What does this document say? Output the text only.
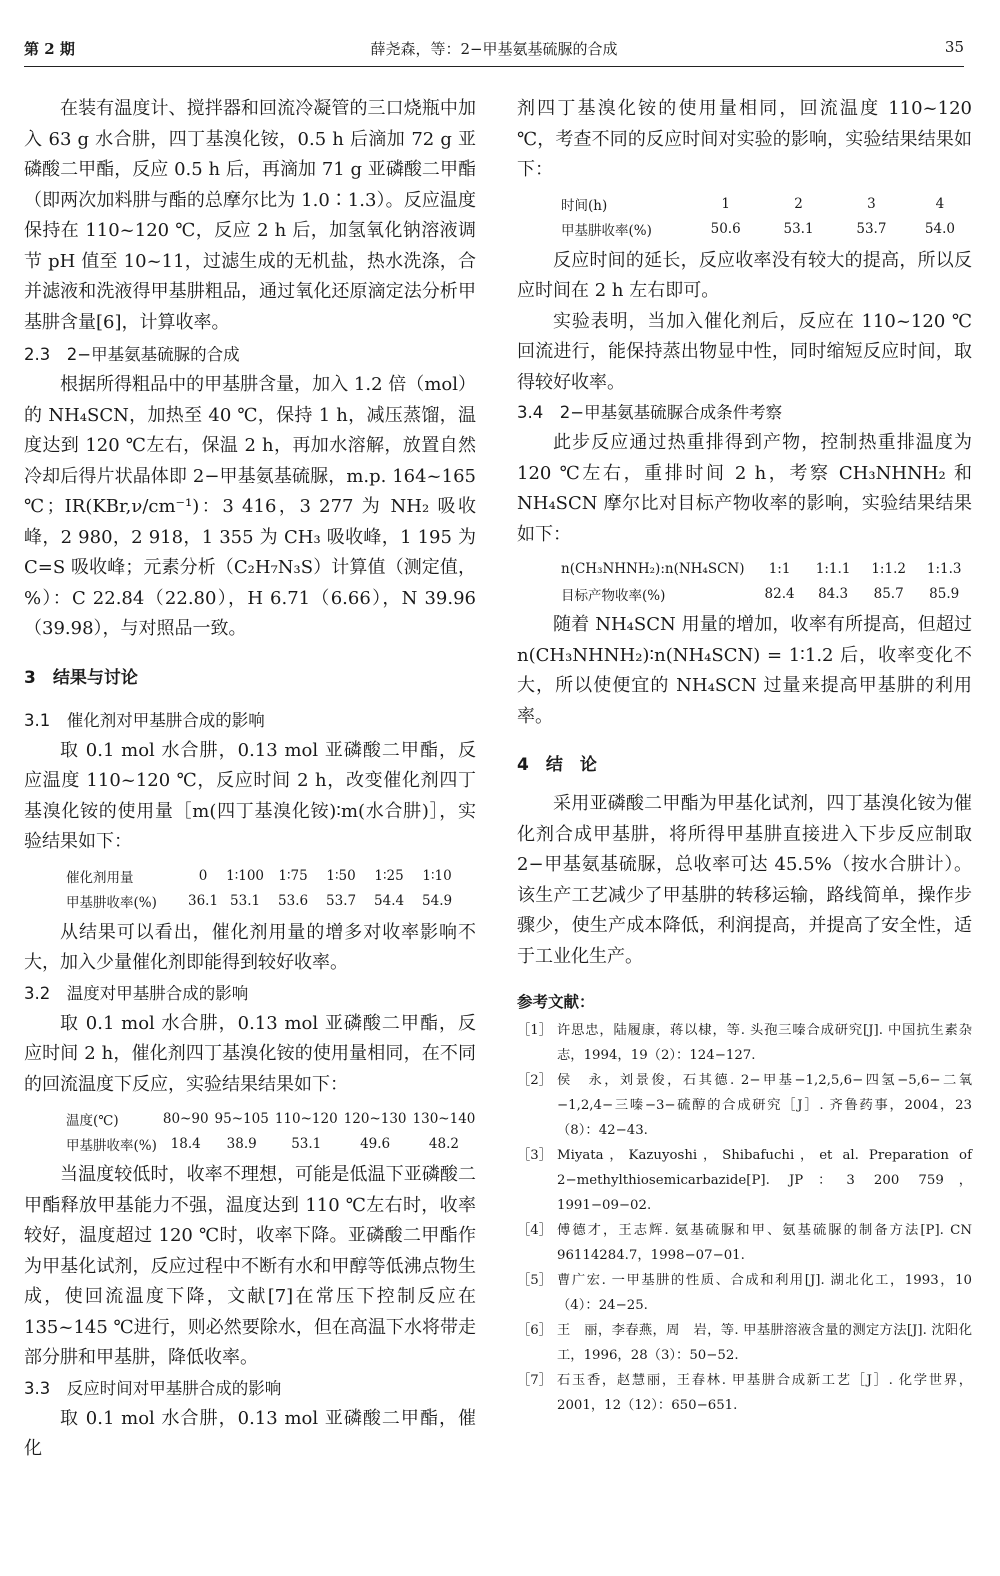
第 2 期	薛尧森，等：2−甲基氨基硫脲的合成	35

在装有温度计、搅拌器和回流冷凝管的三口烧瓶中加入 63 g 水合肼，四丁基溴化铵，0.5 h 后滴加 72 g 亚磷酸二甲酯，反应 0.5 h 后，再滴加 71 g 亚磷酸二甲酯（即两次加料肼与酯的总摩尔比为 1.0∶1.3）。反应温度保持在 110~120 ℃，反应 2 h 后，加氢氧化钠溶液调节 pH 值至 10~11，过滤生成的无机盐，热水洗涤，合并滤液和洗液得甲基肼粗品，通过氧化还原滴定法分析甲基肼含量[6]，计算收率。

2.3　2−甲基氨基硫脲的合成

根据所得粗品中的甲基肼含量，加入 1.2 倍（mol）的 NH₄SCN，加热至 40 ℃，保持 1 h，减压蒸馏，温度达到 120 ℃左右，保温 2 h，再加水溶解，放置自然冷却后得片状晶体即 2−甲基氨基硫脲，m.p. 164~165 ℃；IR(KBr,ν/cm⁻¹)：3 416，3 277 为 NH₂ 吸收峰，2 980，2 918，1 355 为 CH₃ 吸收峰，1 195 为 C=S 吸收峰；元素分析（C₂H₇N₃S）计算值（测定值，%）：C 22.84（22.80），H 6.71（6.66），N 39.96（39.98），与对照品一致。

3　结果与讨论
3.1　催化剂对甲基肼合成的影响

取 0.1 mol 水合肼，0.13 mol 亚磷酸二甲酯，反应温度 110~120 ℃，反应时间 2 h，改变催化剂四丁基溴化铵的使用量［m(四丁基溴化铵)∶m(水合肼)］，实验结果如下：

催化剂用量	0	1∶100	1∶75	1∶50	1∶25	1∶10
甲基肼收率(%)	36.1	53.1	53.6	53.7	54.4	54.9

从结果可以看出，催化剂用量的增多对收率影响不大，加入少量催化剂即能得到较好收率。

3.2　温度对甲基肼合成的影响

取 0.1 mol 水合肼，0.13 mol 亚磷酸二甲酯，反应时间 2 h，催化剂四丁基溴化铵的使用量相同，在不同的回流温度下反应，实验结果结果如下：

温度(℃)	80~90	95~105	110~120	120~130	130~140
甲基肼收率(%)	18.4	38.9	53.1	49.6	48.2

当温度较低时，收率不理想，可能是低温下亚磷酸二甲酯释放甲基能力不强，温度达到 110 ℃左右时，收率较好，温度超过 120 ℃时，收率下降。亚磷酸二甲酯作为甲基化试剂，反应过程中不断有水和甲醇等低沸点物生成，使回流温度下降，文献[7]在常压下控制反应在 135~145 ℃进行，则必然要除水，但在高温下水将带走部分肼和甲基肼，降低收率。

3.3　反应时间对甲基肼合成的影响

取 0.1 mol 水合肼，0.13 mol 亚磷酸二甲酯，催化

剂四丁基溴化铵的使用量相同，回流温度 110~120 ℃，考查不同的反应时间对实验的影响，实验结果结果如下：

时间(h)	1	2	3	4
甲基肼收率(%)	50.6	53.1	53.7	54.0

反应时间的延长，反应收率没有较大的提高，所以反应时间在 2 h 左右即可。

实验表明，当加入催化剂后，反应在 110~120 ℃回流进行，能保持蒸出物显中性，同时缩短反应时间，取得较好收率。

3.4　2−甲基氨基硫脲合成条件考察

此步反应通过热重排得到产物，控制热重排温度为 120 ℃左右，重排时间 2 h，考察 CH₃NHNH₂ 和 NH₄SCN 摩尔比对目标产物收率的影响，实验结果结果如下：

n(CH₃NHNH₂):n(NH₄SCN)	1:1	1:1.1	1:1.2	1:1.3
目标产物收率(%)	82.4	84.3	85.7	85.9

随着 NH₄SCN 用量的增加，收率有所提高，但超过 n(CH₃NHNH₂)∶n(NH₄SCN) = 1∶1.2 后，收率变化不大，所以使便宜的 NH₄SCN 过量来提高甲基肼的利用率。

4　结　论

采用亚磷酸二甲酯为甲基化试剂，四丁基溴化铵为催化剂合成甲基肼，将所得甲基肼直接进入下步反应制取 2−甲基氨基硫脲，总收率可达 45.5%（按水合肼计）。该生产工艺减少了甲基肼的转移运输，路线简单，操作步骤少，使生产成本降低，利润提高，并提高了安全性，适于工业化生产。

参考文献：
［1］ 许思忠，陆履康，蒋以棣，等. 头孢三嗪合成研究[J]. 中国抗生素杂志，1994，19（2）：124−127.
［2］ 侯　永，刘景俊，石其德. 2−甲基−1,2,5,6−四氢−5,6−二氧−1,2,4−三嗪−3−硫醇的合成研究［J］. 齐鲁药事，2004，23（8）：42−43.
［3］ Miyata，Kazuyoshi，Shibafuchi，et al. Preparation of 2−methylthiosemicarbazide[P]. JP：3 200 759，1991−09−02.
［4］ 傅德才，王志辉. 氨基硫脲和甲、氨基硫脲的制备方法[P]. CN 96114284.7，1998−07−01.
［5］ 曹广宏. 一甲基肼的性质、合成和利用[J]. 湖北化工，1993，10（4）：24−25.
［6］ 王　丽，李春燕，周　岩，等. 甲基肼溶液含量的测定方法[J]. 沈阳化工，1996，28（3）：50−52.
［7］ 石玉香，赵慧丽，王春林. 甲基肼合成新工艺［J］. 化学世界，2001，12（12）：650−651.
